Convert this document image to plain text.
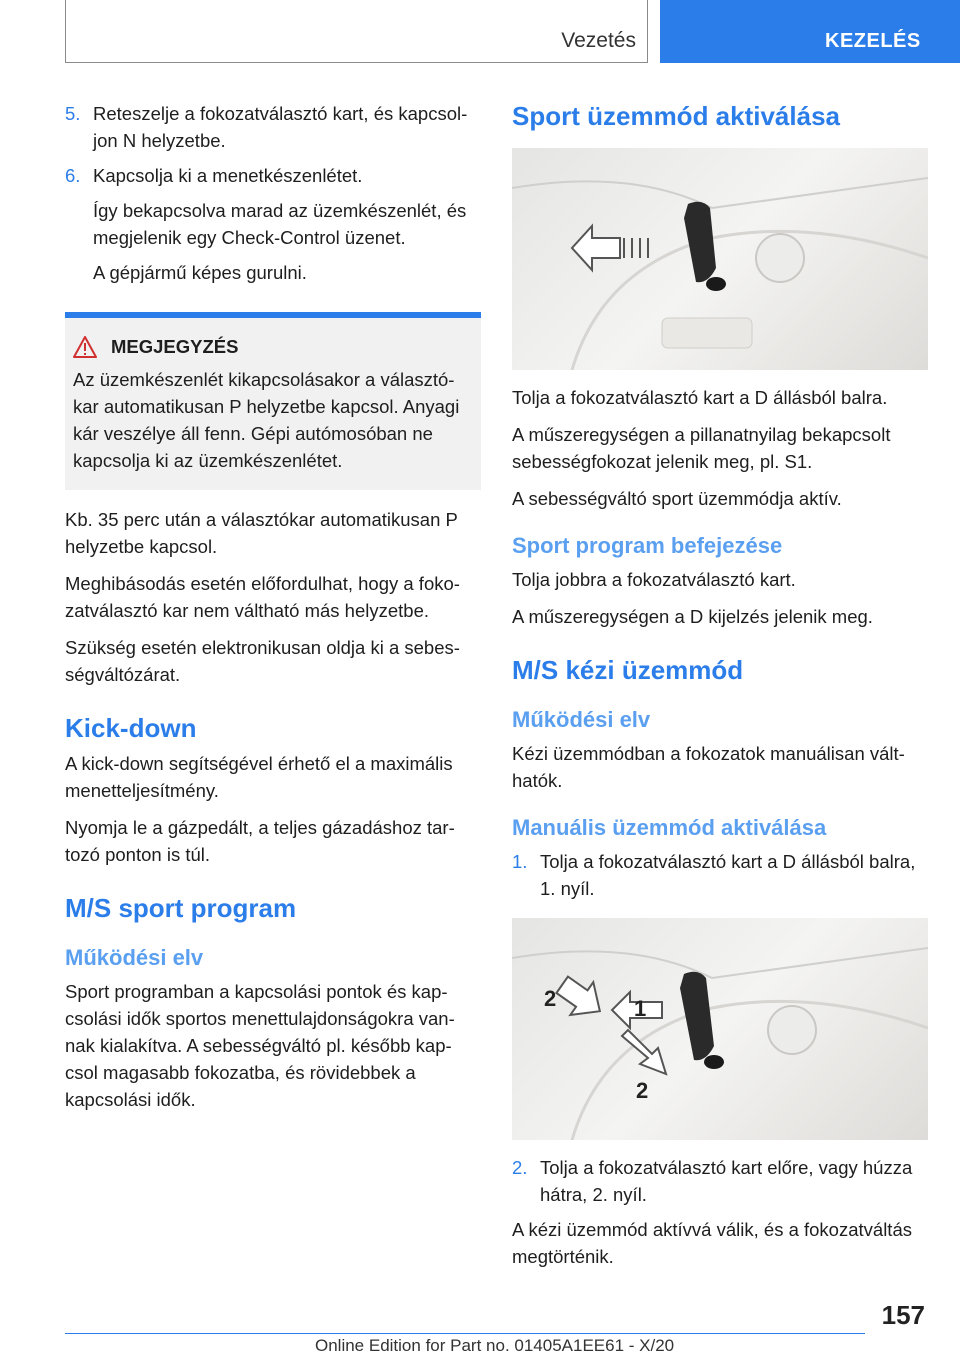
Vezetés	KEZELÉS
5. Reteszelje a fokozatválasztó kart, és kapcsol-jon N helyzetbe.
6. Kapcsolja ki a menetkészenlétet.

Így bekapcsolva marad az üzemkészenlét, és megjelenik egy Check-Control üzenet.

A gépjármű képes gurulni.

MEGJEGYZÉS
Az üzemkészenlét kikapcsolásakor a választó-kar automatikusan P helyzetbe kapcsol. Anyagi kár veszélye áll fenn. Gépi autómosóban ne kapcsolja ki az üzemkészenlétet.

Kb. 35 perc után a választókar automatikusan P helyzetbe kapcsol.

Meghibásodás esetén előfordulhat, hogy a foko-zatválasztó kar nem váltható más helyzetbe.

Szükség esetén elektronikusan oldja ki a sebes-ségváltózárat.

Kick-down

A kick-down segítségével érhető el a maximális menetteljesítmény.

Nyomja le a gázpedált, a teljes gázadáshoz tar-tozó ponton is túl.

M/S sport program
Működési elv

Sport programban a kapcsolási pontok és kap-csolási idők sportos menettulajdonságokra van-nak kialakítva. A sebességváltó pl. később kap-csol magasabb fokozatba, és rövidebbek a kapcsolási idők.

Sport üzemmód aktiválása

Tolja a fokozatválasztó kart a D állásból balra.

A műszeregységen a pillanatnyilag bekapcsolt sebességfokozat jelenik meg, pl. S1.

A sebességváltó sport üzemmódja aktív.

Sport program befejezése

Tolja jobbra a fokozatválasztó kart.

A műszeregységen a D kijelzés jelenik meg.

M/S kézi üzemmód
Működési elv

Kézi üzemmódban a fokozatok manuálisan vált-hatók.

Manuális üzemmód aktiválása
1. Tolja a fokozatválasztó kart a D állásból balra, 1. nyíl.
1
2
2
2. Tolja a fokozatválasztó kart előre, vagy húzza hátra, 2. nyíl.

A kézi üzemmód aktívvá válik, és a fokozatváltás megtörténik.

157
Online Edition for Part no. 01405A1EE61 - X/20
